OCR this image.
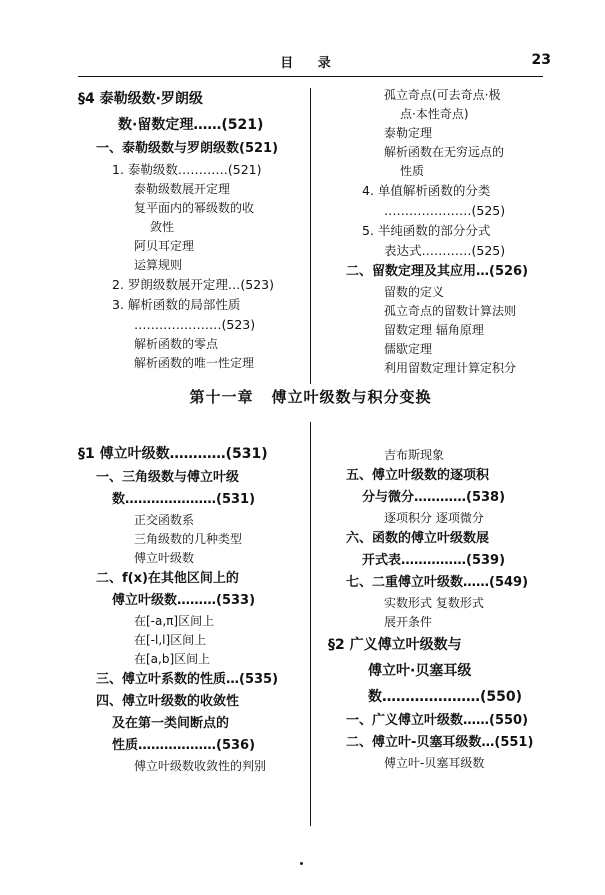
目 录	23
§4 泰勒级数·罗朗级
数·留数定理……(521)
一、泰勒级数与罗朗级数(521)
1. 泰勒级数…………(521)
泰勒级数展开定理
复平面内的幂级数的收
敛性
阿贝耳定理
运算规则
2. 罗朗级数展开定理…(523)
3. 解析函数的局部性质
…………………(523)
解析函数的零点
解析函数的唯一性定理
§1 傅立叶级数…………(531)
一、三角级数与傅立叶级
数…………………(531)
正交函数系
三角级数的几种类型
傅立叶级数
二、f(x)在其他区间上的
傅立叶级数………(533)
在[-a,π]区间上
在[-l,l]区间上
在[a,b]区间上
三、傅立叶系数的性质…(535)
四、傅立叶级数的收敛性
及在第一类间断点的
性质………………(536)
傅立叶级数收敛性的判别
孤立奇点(可去奇点·极
点·本性奇点)
泰勒定理
解析函数在无穷远点的
性质
4. 单值解析函数的分类
…………………(525)
5. 半纯函数的部分分式
表达式…………(525)
二、留数定理及其应用…(526)
留数的定义
孤立奇点的留数计算法则
留数定理 辐角原理
儒歇定理
利用留数定理计算定积分
吉布斯现象
五、傅立叶级数的逐项积
分与微分…………(538)
逐项积分 逐项微分
六、函数的傅立叶级数展
开式表……………(539)
七、二重傅立叶级数……(549)
实数形式 复数形式
展开条件
§2 广义傅立叶级数与
傅立叶·贝塞耳级
数…………………(550)
一、广义傅立叶级数……(550)
二、傅立叶-贝塞耳级数…(551)
傅立叶-贝塞耳级数
第十一章 傅立叶级数与积分变换
